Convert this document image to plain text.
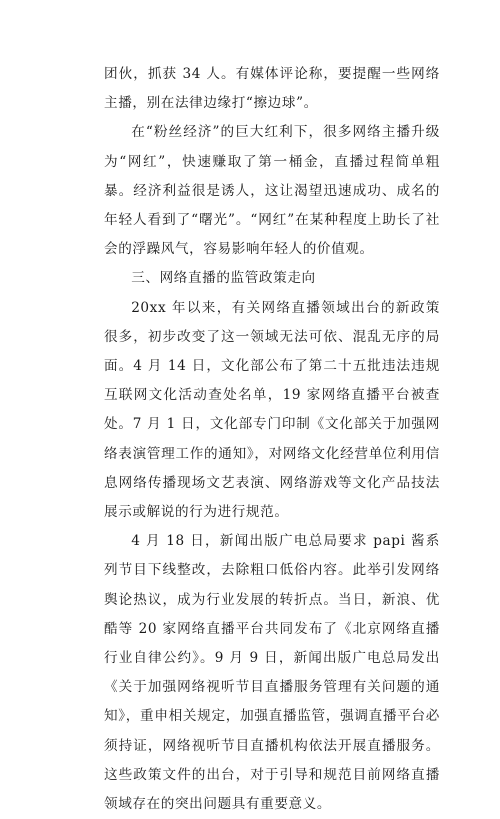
团伙，抓获 34 人。有媒体评论称，要提醒一些网络主播，别在法律边缘打“擦边球”。

在“粉丝经济”的巨大红利下，很多网络主播升级为“网红”，快速赚取了第一桶金，直播过程简单粗暴。经济利益很是诱人，这让渴望迅速成功、成名的年轻人看到了“曙光”。“网红”在某种程度上助长了社会的浮躁风气，容易影响年轻人的价值观。

三、网络直播的监管政策走向

20xx 年以来，有关网络直播领域出台的新政策很多，初步改变了这一领域无法可依、混乱无序的局面。4 月 14 日，文化部公布了第二十五批违法违规互联网文化活动查处名单，19 家网络直播平台被查处。7 月 1 日，文化部专门印制《文化部关于加强网络表演管理工作的通知》，对网络文化经营单位利用信息网络传播现场文艺表演、网络游戏等文化产品技法展示或解说的行为进行规范。

4 月 18 日，新闻出版广电总局要求 papi 酱系列节目下线整改，去除粗口低俗内容。此举引发网络舆论热议，成为行业发展的转折点。当日，新浪、优酷等 20 家网络直播平台共同发布了《北京网络直播行业自律公约》。9 月 9 日，新闻出版广电总局发出《关于加强网络视听节目直播服务管理有关问题的通知》，重申相关规定，加强直播监管，强调直播平台必须持证，网络视听节目直播机构依法开展直播服务。这些政策文件的出台，对于引导和规范目前网络直播领域存在的突出问题具有重要意义。
